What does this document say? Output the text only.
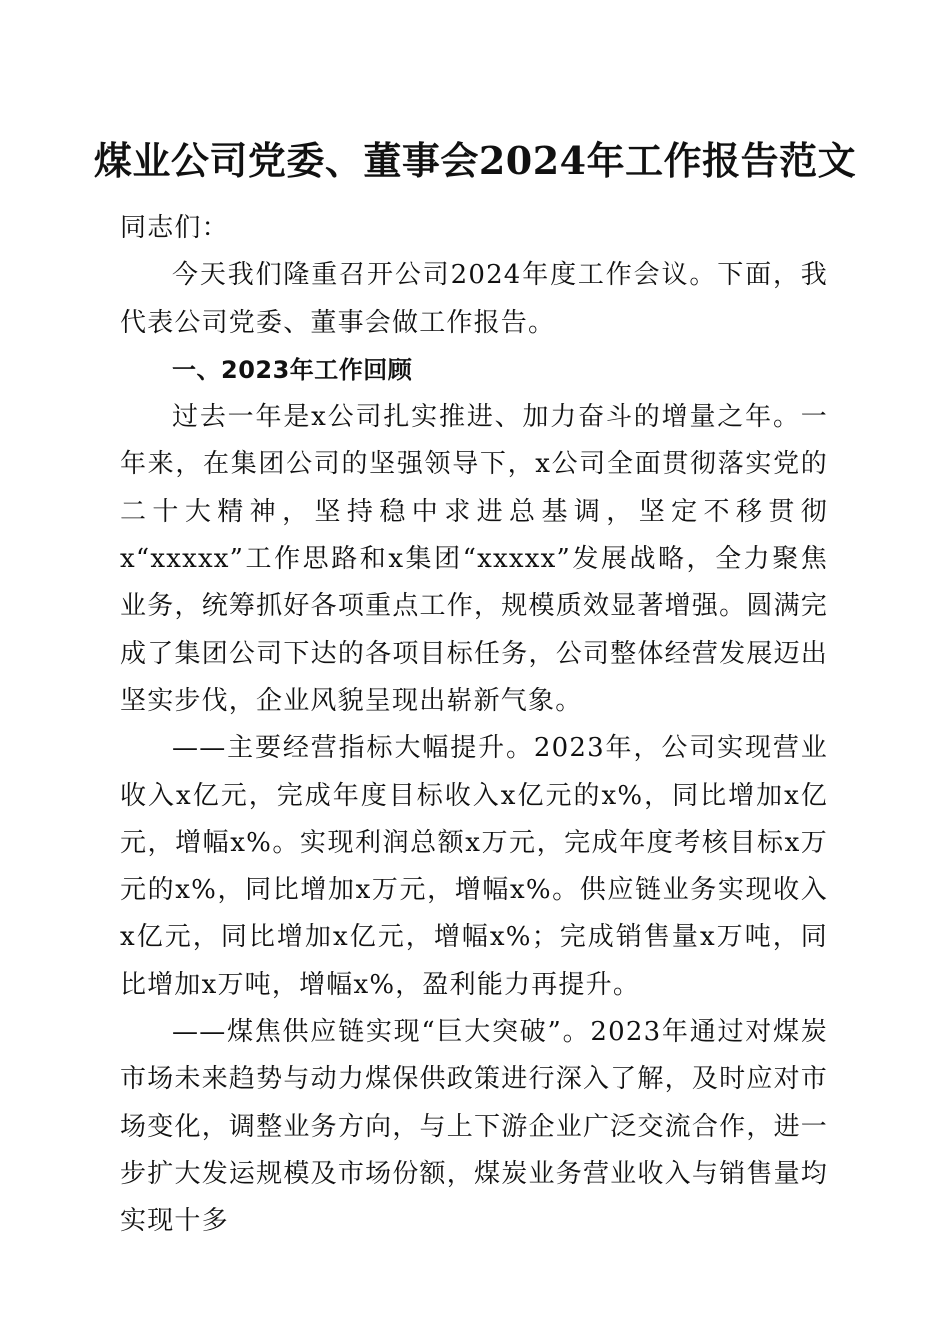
煤业公司党委、董事会2024年工作报告范文

同志们：

今天我们隆重召开公司2024年度工作会议。下面，我代表公司党委、董事会做工作报告。

一、2023年工作回顾

过去一年是x公司扎实推进、加力奋斗的增量之年。一年来，在集团公司的坚强领导下，x公司全面贯彻落实党的二十大精神，坚持稳中求进总基调，坚定不移贯彻x“xxxxx”工作思路和x集团“xxxxx”发展战略，全力聚焦业务，统筹抓好各项重点工作，规模质效显著增强。圆满完成了集团公司下达的各项目标任务，公司整体经营发展迈出坚实步伐，企业风貌呈现出崭新气象。

——主要经营指标大幅提升。2023年，公司实现营业收入x亿元，完成年度目标收入x亿元的x%，同比增加x亿元，增幅x%。实现利润总额x万元，完成年度考核目标x万元的x%，同比增加x万元，增幅x%。供应链业务实现收入x亿元，同比增加x亿元，增幅x%；完成销售量x万吨，同比增加x万吨，增幅x%，盈利能力再提升。

——煤焦供应链实现“巨大突破”。2023年通过对煤炭市场未来趋势与动力煤保供政策进行深入了解，及时应对市场变化，调整业务方向，与上下游企业广泛交流合作，进一步扩大发运规模及市场份额，煤炭业务营业收入与销售量均实现十多
